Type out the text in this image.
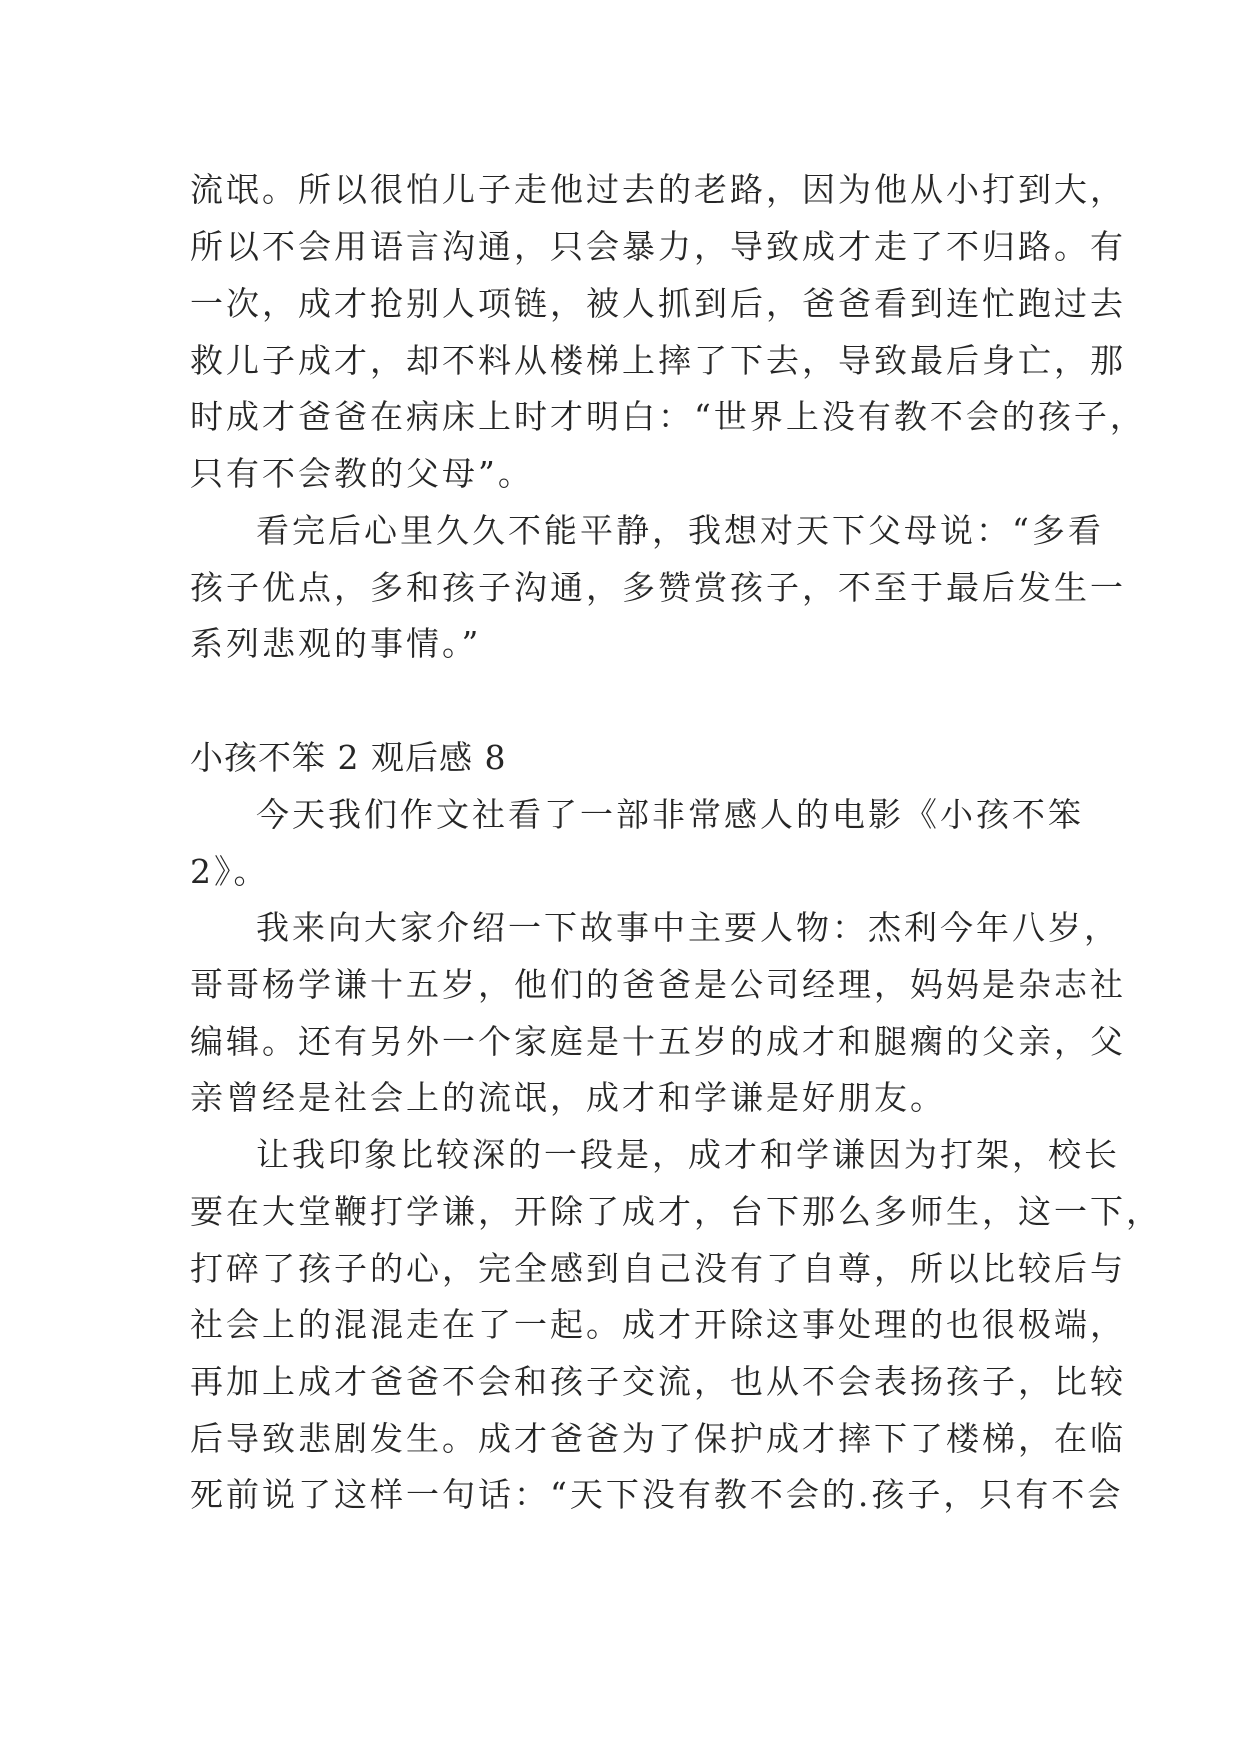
流氓。所以很怕儿子走他过去的老路，因为他从小打到大，
所以不会用语言沟通，只会暴力，导致成才走了不归路。有
一次，成才抢别人项链，被人抓到后，爸爸看到连忙跑过去
救儿子成才，却不料从楼梯上摔了下去，导致最后身亡，那
时成才爸爸在病床上时才明白：“世界上没有教不会的孩子，
只有不会教的父母”。
看完后心里久久不能平静，我想对天下父母说：“多看
孩子优点，多和孩子沟通，多赞赏孩子，不至于最后发生一
系列悲观的事情。”
小孩不笨 2 观后感 8
今天我们作文社看了一部非常感人的电影《小孩不笨
2》。
我来向大家介绍一下故事中主要人物：杰利今年八岁，
哥哥杨学谦十五岁，他们的爸爸是公司经理，妈妈是杂志社
编辑。还有另外一个家庭是十五岁的成才和腿瘸的父亲，父
亲曾经是社会上的流氓，成才和学谦是好朋友。
让我印象比较深的一段是，成才和学谦因为打架，校长
要在大堂鞭打学谦，开除了成才，台下那么多师生，这一下，
打碎了孩子的心，完全感到自己没有了自尊，所以比较后与
社会上的混混走在了一起。成才开除这事处理的也很极端，
再加上成才爸爸不会和孩子交流，也从不会表扬孩子，比较
后导致悲剧发生。成才爸爸为了保护成才摔下了楼梯，在临
死前说了这样一句话：“天下没有教不会的.孩子，只有不会
